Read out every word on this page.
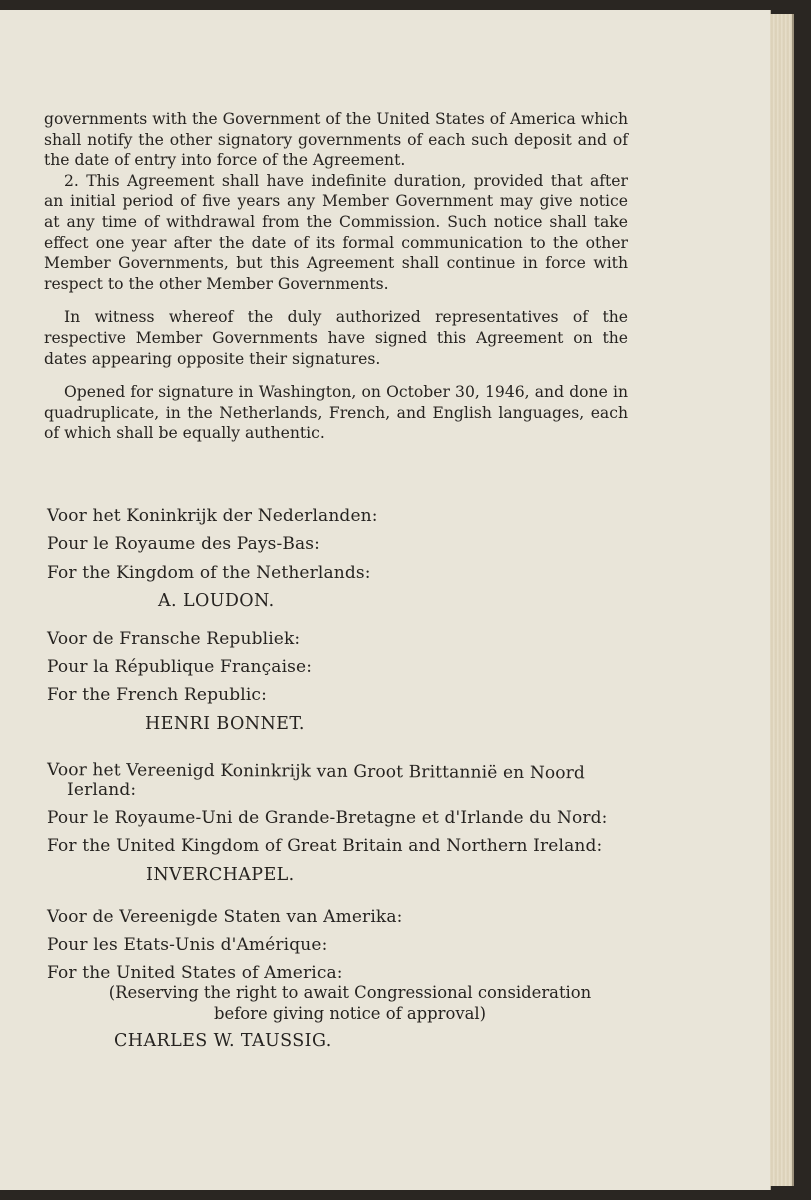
governments with the Government of the United States of America which shall notify the other signatory governments of each such deposit and of the date of entry into force of the Agreement.

2. This Agreement shall have indefinite duration, provided that after an initial period of five years any Member Government may give notice at any time of withdrawal from the Commission. Such notice shall take effect one year after the date of its formal communication to the other Member Governments, but this Agreement shall continue in force with respect to the other Member Governments.

In witness whereof the duly authorized representatives of the respective Member Governments have signed this Agreement on the dates appearing opposite their signatures.

Opened for signature in Washington, on October 30, 1946, and done in quadruplicate, in the Netherlands, French, and English languages, each of which shall be equally authentic.

Voor het Koninkrijk der Nederlanden:
Pour le Royaume des Pays-Bas:
For the Kingdom of the Netherlands:
A. LOUDON.
Voor de Fransche Republiek:
Pour la République Française:
For the French Republic:
HENRI BONNET.
Voor het Vereenigd Koninkrijk van Groot Brittannië en Noord
Ierland:
Pour le Royaume-Uni de Grande-Bretagne et d'Irlande du Nord:
For the United Kingdom of Great Britain and Northern Ireland:
INVERCHAPEL.
Voor de Vereenigde Staten van Amerika:
Pour les Etats-Unis d'Amérique:
For the United States of America:
(Reserving the right to await Congressional consideration
before giving notice of approval)
CHARLES W. TAUSSIG.
